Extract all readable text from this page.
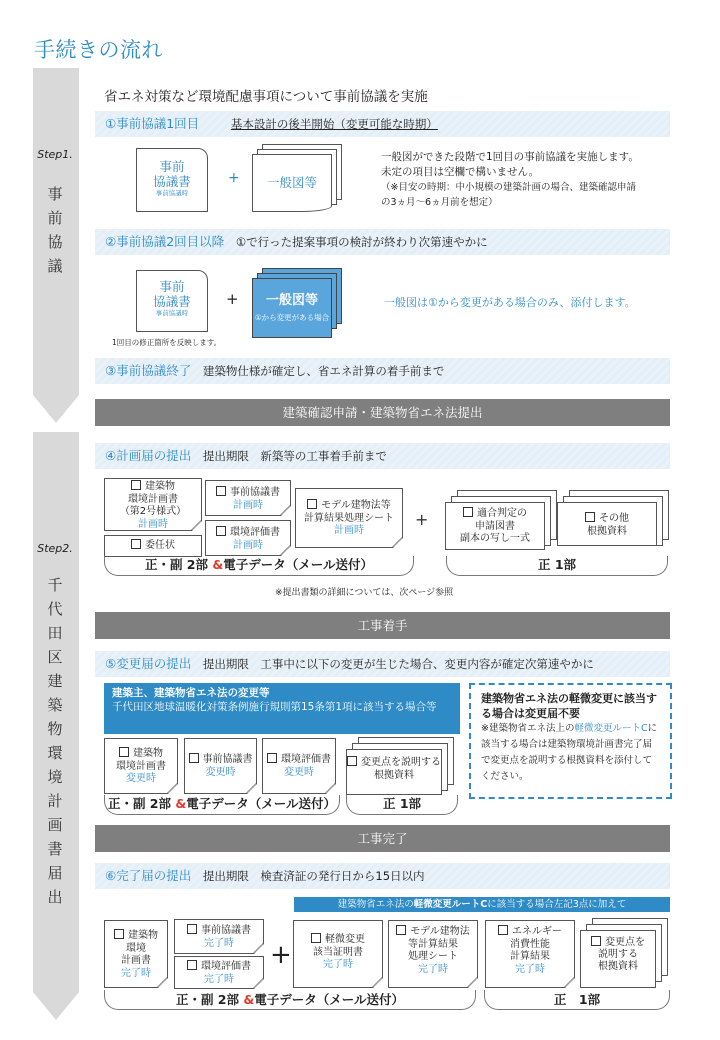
手続きの流れ
Step1.
事
前
協
議
Step2.
千
代
田
区
建
築
物
環
境
計
画
書
届
出
省エネ対策など環境配慮事項について事前協議を実施
①事前協議1回目	基本設計の後半開始（変更可能な時期）
事前
協議書
事前協議時
+	一般図等
一般図ができた段階で1回目の事前協議を実施します。
未定の項目は空欄で構いません。
（※目安の時期：中小規模の建築計画の場合、建築確認申請
の3ヵ月～6ヵ月前を想定）
②事前協議2回目以降 ①で行った提案事項の検討が終わり次第速やかに
事前
協議書
事前協議時
+	一般図等
①から変更がある場合
1回目の修正箇所を反映します。
一般図は①から変更がある場合のみ、添付します。
③事前協議終了 建築物仕様が確定し、省エネ計算の着手前まで
建築確認申請・建築物省エネ法提出
④計画届の提出 提出期限　新築等の工事着手前まで
建築物
環境計画書
（第2号様式）
計画時
委任状
事前協議書
計画時
環境評価書
計画時
モデル建物法等
計算結果処理シート
計画時
+	適合判定の
申請図書
副本の写し一式
その他
根拠資料
正・副 2部 &電子データ（メール送付）	正 1部
※提出書類の詳細については、次ページ参照
工事着手
⑤変更届の提出 提出期限　工事中に以下の変更が生じた場合、変更内容が確定次第速やかに
建築主、建築物省エネ法の変更等
千代田区地球温暖化対策条例施行規則第15条第1項に該当する場合等
建築物
環境計画書
変更時
事前協議書
変更時
環境評価書
変更時
変更点を説明する
根拠資料
正・副 2部 &電子データ（メール送付）	正 1部
建築物省エネ法の軽微変更に該当する場合は変更届不要
※建築物省エネ法上の軽微変更ルートCに該当する場合は建築物環境計画書完了届で変更点を説明する根拠資料を添付してください。
工事完了
⑥完了届の提出 提出期限　検査済証の発行日から15日以内
建築物省エネ法の軽微変更ルートCに該当する場合左記3点に加えて
建築物
環境
計画書
完了時
事前協議書
完了時
環境評価書
完了時
+
軽微変更
該当証明書
完了時
モデル建物法
等計算結果
処理シート
完了時
エネルギー
消費性能
計算結果
完了時
変更点を
説明する
根拠資料
正・副 2部 &電子データ（メール送付）	正　1部
